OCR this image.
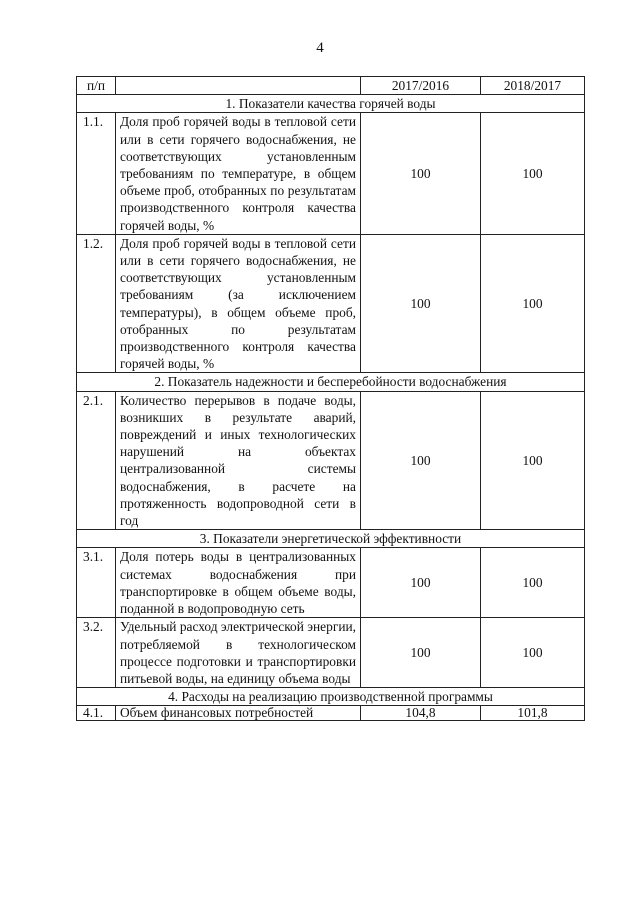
4
п/п		2017/2016	2018/2017
1. Показатели качества горячей воды			
1.1.	Доля проб горячей воды в тепловой сети или в сети горячего водоснабжения, не соответствующих установленным требованиям по температуре, в общем объеме проб, отобранных по результатам производственного контроля качества горячей воды, %	100	100
1.2.	Доля проб горячей воды в тепловой сети или в сети горячего водоснабжения, не соответствующих установленным требованиям (за исключением температуры), в общем объеме проб, отобранных по результатам производственного контроля качества горячей воды, %	100	100
2. Показатель надежности и бесперебойности водоснабжения			
2.1.	Количество перерывов в подаче воды, возникших в результате аварий, повреждений и иных технологических нарушений на объектах централизованной системы водоснабжения, в расчете на протяженность водопроводной сети в год	100	100
3. Показатели энергетической эффективности			
3.1.	Доля потерь воды в централизованных системах водоснабжения при транспортировке в общем объеме воды, поданной в водопроводную сеть	100	100
3.2.	Удельный расход электрической энергии, потребляемой в технологическом процессе подготовки и транспортировки питьевой воды, на единицу объема воды	100	100
4. Расходы на реализацию производственной программы			
4.1.	Объем финансовых потребностей	104,8	101,8
